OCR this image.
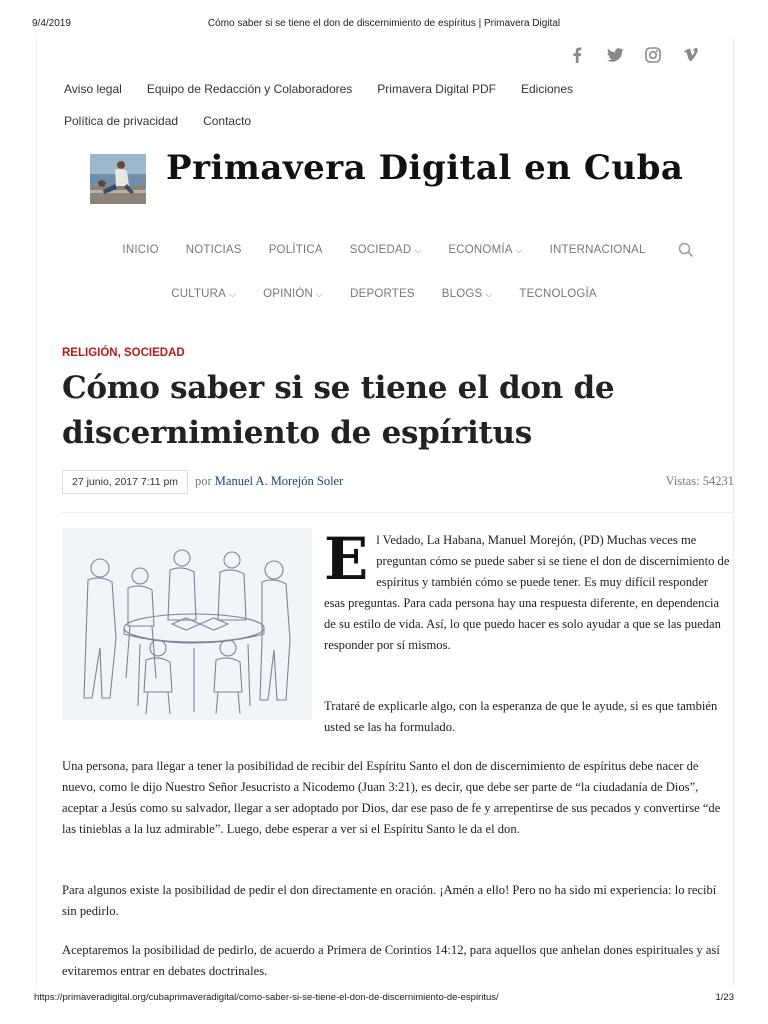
9/4/2019	Cómo saber si se tiene el don de discernimiento de espíritus | Primavera Digital
Aviso legal Equipo de Redacción y Colaboradores Primavera Digital PDF Ediciones
Política de privacidad Contacto
Primavera Digital en Cuba
INICIO NOTICIAS POLÍTICA SOCIEDAD ⌵ ECONOMÍA ⌵ INTERNACIONAL
CULTURA ⌵ OPINIÓN ⌵ DEPORTES BLOGS ⌵ TECNOLOGÍA
RELIGIÓN, SOCIEDAD
Cómo saber si se tiene el don de discernimiento de espíritus
27 junio, 2017 7:11 pm	por Manuel A. Morejón Soler	Vistas: 54231
E l Vedado, La Habana, Manuel Morejón, (PD) Muchas veces me preguntan cómo se puede saber si se tiene el don de discernimiento de espíritus y también cómo se puede tener. Es muy difícil responder esas preguntas. Para cada persona hay una respuesta diferente, en dependencia de su estilo de vida. Así, lo que puedo hacer es solo ayudar a que se las puedan responder por sí mismos.

Trataré de explicarle algo, con la esperanza de que le ayude, si es que también usted se las ha formulado.

Una persona, para llegar a tener la posibilidad de recibir del Espíritu Santo el don de discernimiento de espíritus debe nacer de nuevo, como le dijo Nuestro Señor Jesucristo a Nicodemo (Juan 3:21), es decir, que debe ser parte de “la ciudadanía de Dios”, aceptar a Jesús como su salvador, llegar a ser adoptado por Dios, dar ese paso de fe y arrepentirse de sus pecados y convertirse “de las tinieblas a la luz admirable”. Luego, debe esperar a ver si el Espíritu Santo le da el don.

Para algunos existe la posibilidad de pedir el don directamente en oración. ¡Amén a ello! Pero no ha sido mi experiencia: lo recibí sin pedirlo.

Aceptaremos la posibilidad de pedirlo, de acuerdo a Primera de Corintios 14:12, para aquellos que anhelan dones espirituales y así evitaremos entrar en debates doctrinales.

https://primaveradigital.org/cubaprimaveradigital/como-saber-si-se-tiene-el-don-de-discernimiento-de-espiritus/	1/23
